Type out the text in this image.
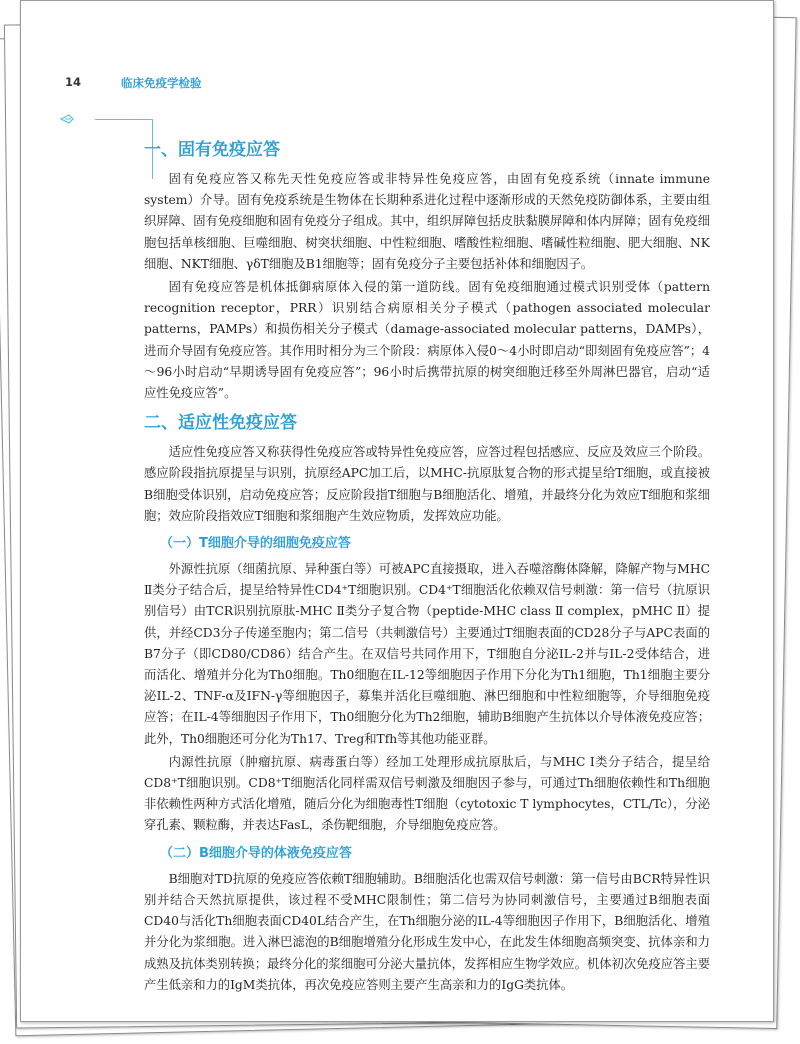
14	临床免疫学检验
一、固有免疫应答

固有免疫应答又称先天性免疫应答或非特异性免疫应答，由固有免疫系统（innate immune system）介导。固有免疫系统是生物体在长期种系进化过程中逐渐形成的天然免疫防御体系，主要由组织屏障、固有免疫细胞和固有免疫分子组成。其中，组织屏障包括皮肤黏膜屏障和体内屏障；固有免疫细胞包括单核细胞、巨噬细胞、树突状细胞、中性粒细胞、嗜酸性粒细胞、嗜碱性粒细胞、肥大细胞、NK细胞、NKT细胞、γδT细胞及B1细胞等；固有免疫分子主要包括补体和细胞因子。

固有免疫应答是机体抵御病原体入侵的第一道防线。固有免疫细胞通过模式识别受体（pattern recognition receptor，PRR）识别结合病原相关分子模式（pathogen associated molecular patterns，PAMPs）和损伤相关分子模式（damage-associated molecular patterns，DAMPs），进而介导固有免疫应答。其作用时相分为三个阶段：病原体入侵0～4小时即启动“即刻固有免疫应答”；4～96小时启动“早期诱导固有免疫应答”；96小时后携带抗原的树突细胞迁移至外周淋巴器官，启动“适应性免疫应答”。

二、适应性免疫应答

适应性免疫应答又称获得性免疫应答或特异性免疫应答，应答过程包括感应、反应及效应三个阶段。感应阶段指抗原提呈与识别，抗原经APC加工后，以MHC-抗原肽复合物的形式提呈给T细胞，或直接被B细胞受体识别，启动免疫应答；反应阶段指T细胞与B细胞活化、增殖，并最终分化为效应T细胞和浆细胞；效应阶段指效应T细胞和浆细胞产生效应物质，发挥效应功能。

（一）T细胞介导的细胞免疫应答

外源性抗原（细菌抗原、异种蛋白等）可被APC直接摄取，进入吞噬溶酶体降解，降解产物与MHC Ⅱ类分子结合后，提呈给特异性CD4⁺T细胞识别。CD4⁺T细胞活化依赖双信号刺激：第一信号（抗原识别信号）由TCR识别抗原肽-MHC Ⅱ类分子复合物（peptide-MHC class Ⅱ complex，pMHC Ⅱ）提供，并经CD3分子传递至胞内；第二信号（共刺激信号）主要通过T细胞表面的CD28分子与APC表面的B7分子（即CD80/CD86）结合产生。在双信号共同作用下，T细胞自分泌IL-2并与IL-2受体结合，进而活化、增殖并分化为Th0细胞。Th0细胞在IL-12等细胞因子作用下分化为Th1细胞，Th1细胞主要分泌IL-2、TNF-α及IFN-γ等细胞因子，募集并活化巨噬细胞、淋巴细胞和中性粒细胞等，介导细胞免疫应答；在IL-4等细胞因子作用下，Th0细胞分化为Th2细胞，辅助B细胞产生抗体以介导体液免疫应答；此外，Th0细胞还可分化为Th17、Treg和Tfh等其他功能亚群。

内源性抗原（肿瘤抗原、病毒蛋白等）经加工处理形成抗原肽后，与MHC Ⅰ类分子结合，提呈给CD8⁺T细胞识别。CD8⁺T细胞活化同样需双信号刺激及细胞因子参与，可通过Th细胞依赖性和Th细胞非依赖性两种方式活化增殖，随后分化为细胞毒性T细胞（cytotoxic T lymphocytes，CTL/Tc），分泌穿孔素、颗粒酶，并表达FasL，杀伤靶细胞，介导细胞免疫应答。

（二）B细胞介导的体液免疫应答

B细胞对TD抗原的免疫应答依赖T细胞辅助。B细胞活化也需双信号刺激：第一信号由BCR特异性识别并结合天然抗原提供，该过程不受MHC限制性；第二信号为协同刺激信号，主要通过B细胞表面CD40与活化Th细胞表面CD40L结合产生，在Th细胞分泌的IL-4等细胞因子作用下，B细胞活化、增殖并分化为浆细胞。进入淋巴滤泡的B细胞增殖分化形成生发中心，在此发生体细胞高频突变、抗体亲和力成熟及抗体类别转换；最终分化的浆细胞可分泌大量抗体，发挥相应生物学效应。机体初次免疫应答主要产生低亲和力的IgM类抗体，再次免疫应答则主要产生高亲和力的IgG类抗体。
